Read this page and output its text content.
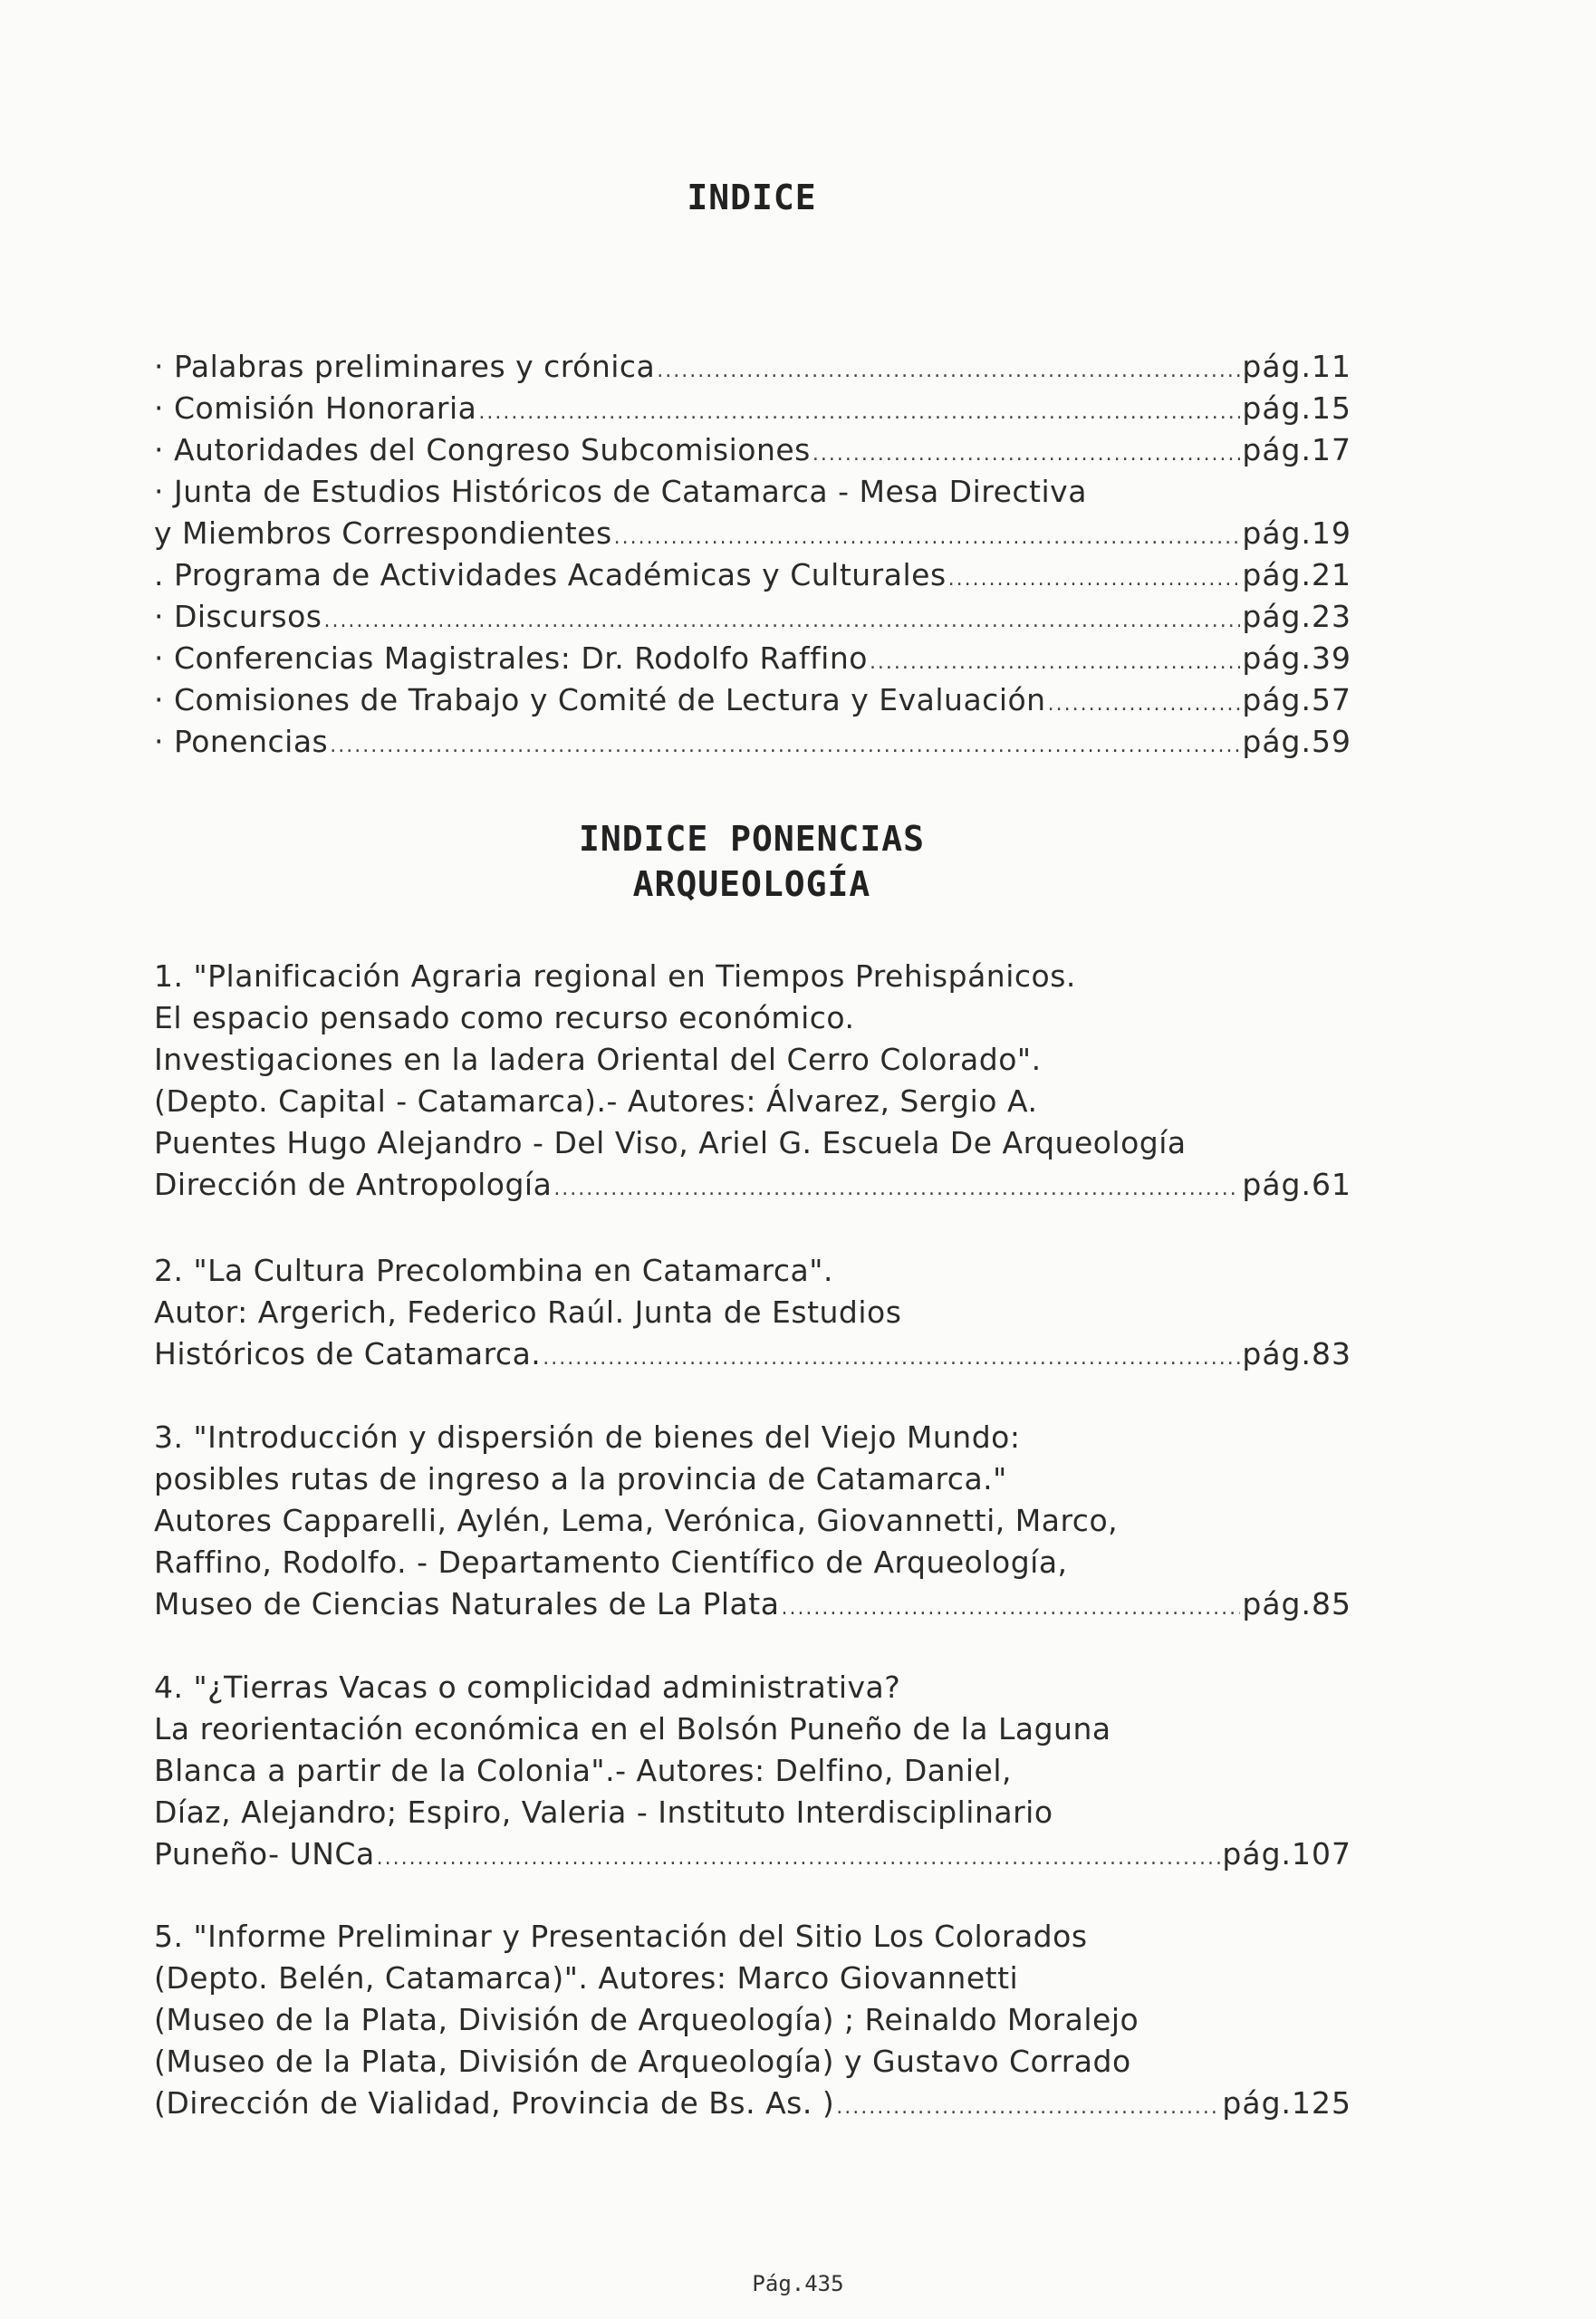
INDICE
· Palabras preliminares y crónica .....	pág.11
· Comisión Honoraria .....	pág.15
· Autoridades del Congreso Subcomisiones .....	pág.17
· Junta de Estudios Históricos de Catamarca - Mesa Directiva
y Miembros Correspondientes .....	pág.19
. Programa de Actividades Académicas y Culturales .....	pág.21
· Discursos .....	pág.23
· Conferencias Magistrales: Dr. Rodolfo Raffino .....	pág.39
· Comisiones de Trabajo y Comité de Lectura y Evaluación .....	pág.57
· Ponencias .....	pág.59
INDICE PONENCIAS
ARQUEOLOGÍA
1. "Planificación Agraria regional en Tiempos Prehispánicos.
El espacio pensado como recurso económico.
Investigaciones en la ladera Oriental del Cerro Colorado".
(Depto. Capital - Catamarca).- Autores: Álvarez, Sergio A.
Puentes Hugo Alejandro - Del Viso, Ariel G. Escuela De Arqueología
Dirección de Antropología .....	pág.61
2. "La Cultura Precolombina en Catamarca".
Autor: Argerich, Federico Raúl. Junta de Estudios
Históricos de Catamarca. .....	pág.83
3. "Introducción y dispersión de bienes del Viejo Mundo:
posibles rutas de ingreso a la provincia de Catamarca."
Autores Capparelli, Aylén, Lema, Verónica, Giovannetti, Marco,
Raffino, Rodolfo. - Departamento Científico de Arqueología,
Museo de Ciencias Naturales de La Plata .....	pág.85
4. "¿Tierras Vacas o complicidad administrativa?
La reorientación económica en el Bolsón Puneño de la Laguna
Blanca a partir de la Colonia".- Autores: Delfino, Daniel,
Díaz, Alejandro; Espiro, Valeria - Instituto Interdisciplinario
Puneño- UNCa .....	pág.107
5. "Informe Preliminar y Presentación del Sitio Los Colorados
(Depto. Belén, Catamarca)". Autores: Marco Giovannetti
(Museo de la Plata, División de Arqueología) ; Reinaldo Moralejo
(Museo de la Plata, División de Arqueología) y Gustavo Corrado
(Dirección de Vialidad, Provincia de Bs. As. ) .....	pág.125
Pág.435
